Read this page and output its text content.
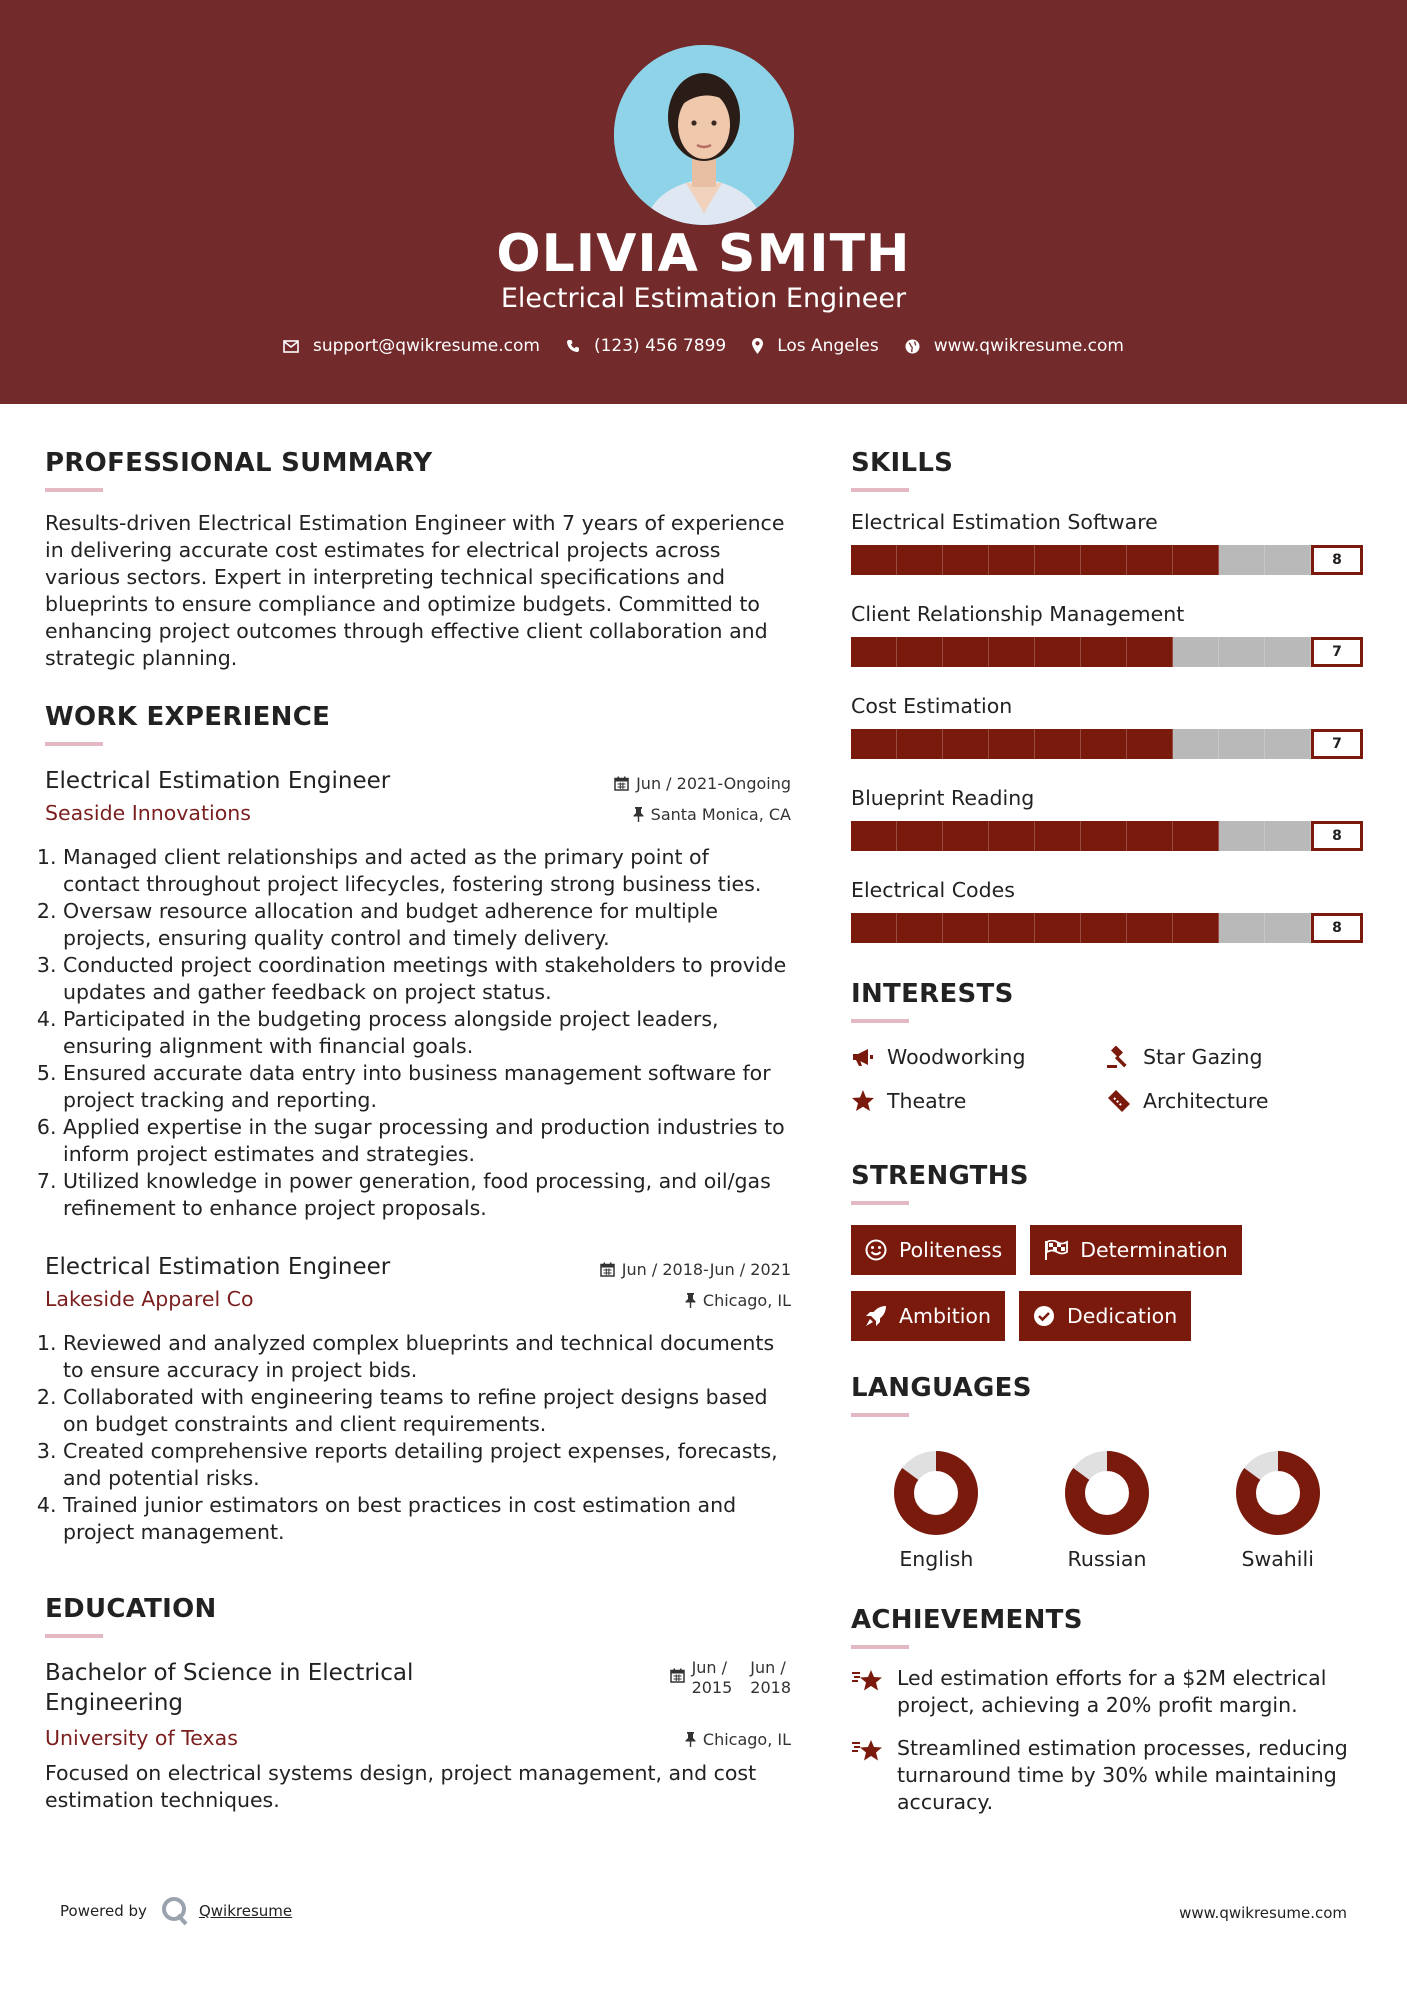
OLIVIA SMITH
Electrical Estimation Engineer
support@qwikresume.com	(123) 456 7899	Los Angeles	www.qwikresume.com
PROFESSIONAL SUMMARY

Results-driven Electrical Estimation Engineer with 7 years of experience in delivering accurate cost estimates for electrical projects across various sectors. Expert in interpreting technical specifications and blueprints to ensure compliance and optimize budgets. Committed to enhancing project outcomes through effective client collaboration and strategic planning.

WORK EXPERIENCE
Electrical Estimation Engineer	Jun / 2021-Ongoing
Seaside Innovations	Santa Monica, CA
1. Managed client relationships and acted as the primary point of contact throughout project lifecycles, fostering strong business ties.
2. Oversaw resource allocation and budget adherence for multiple projects, ensuring quality control and timely delivery.
3. Conducted project coordination meetings with stakeholders to provide updates and gather feedback on project status.
4. Participated in the budgeting process alongside project leaders, ensuring alignment with financial goals.
5. Ensured accurate data entry into business management software for project tracking and reporting.
6. Applied expertise in the sugar processing and production industries to inform project estimates and strategies.
7. Utilized knowledge in power generation, food processing, and oil/gas refinement to enhance project proposals.
Electrical Estimation Engineer	Jun / 2018-Jun / 2021
Lakeside Apparel Co	Chicago, IL
1. Reviewed and analyzed complex blueprints and technical documents to ensure accuracy in project bids.
2. Collaborated with engineering teams to refine project designs based on budget constraints and client requirements.
3. Created comprehensive reports detailing project expenses, forecasts, and potential risks.
4. Trained junior estimators on best practices in cost estimation and project management.
EDUCATION
Bachelor of Science in Electrical
Engineering
Jun /
2015
Jun /
2018
University of Texas	Chicago, IL

Focused on electrical systems design, project management, and cost estimation techniques.

SKILLS
Electrical Estimation Software
8
Client Relationship Management
7
Cost Estimation
7
Blueprint Reading
8
Electrical Codes
8
INTERESTS
Woodworking	Star Gazing
Theatre	Architecture
STRENGTHS
Politeness	Determination
Ambition	Dedication
LANGUAGES
English	Russian	Swahili
ACHIEVEMENTS
Led estimation efforts for a $2M electrical project, achieving a 20% profit margin.
Streamlined estimation processes, reducing turnaround time by 30% while maintaining accuracy.
Powered by	Qwikresume	www.qwikresume.com
